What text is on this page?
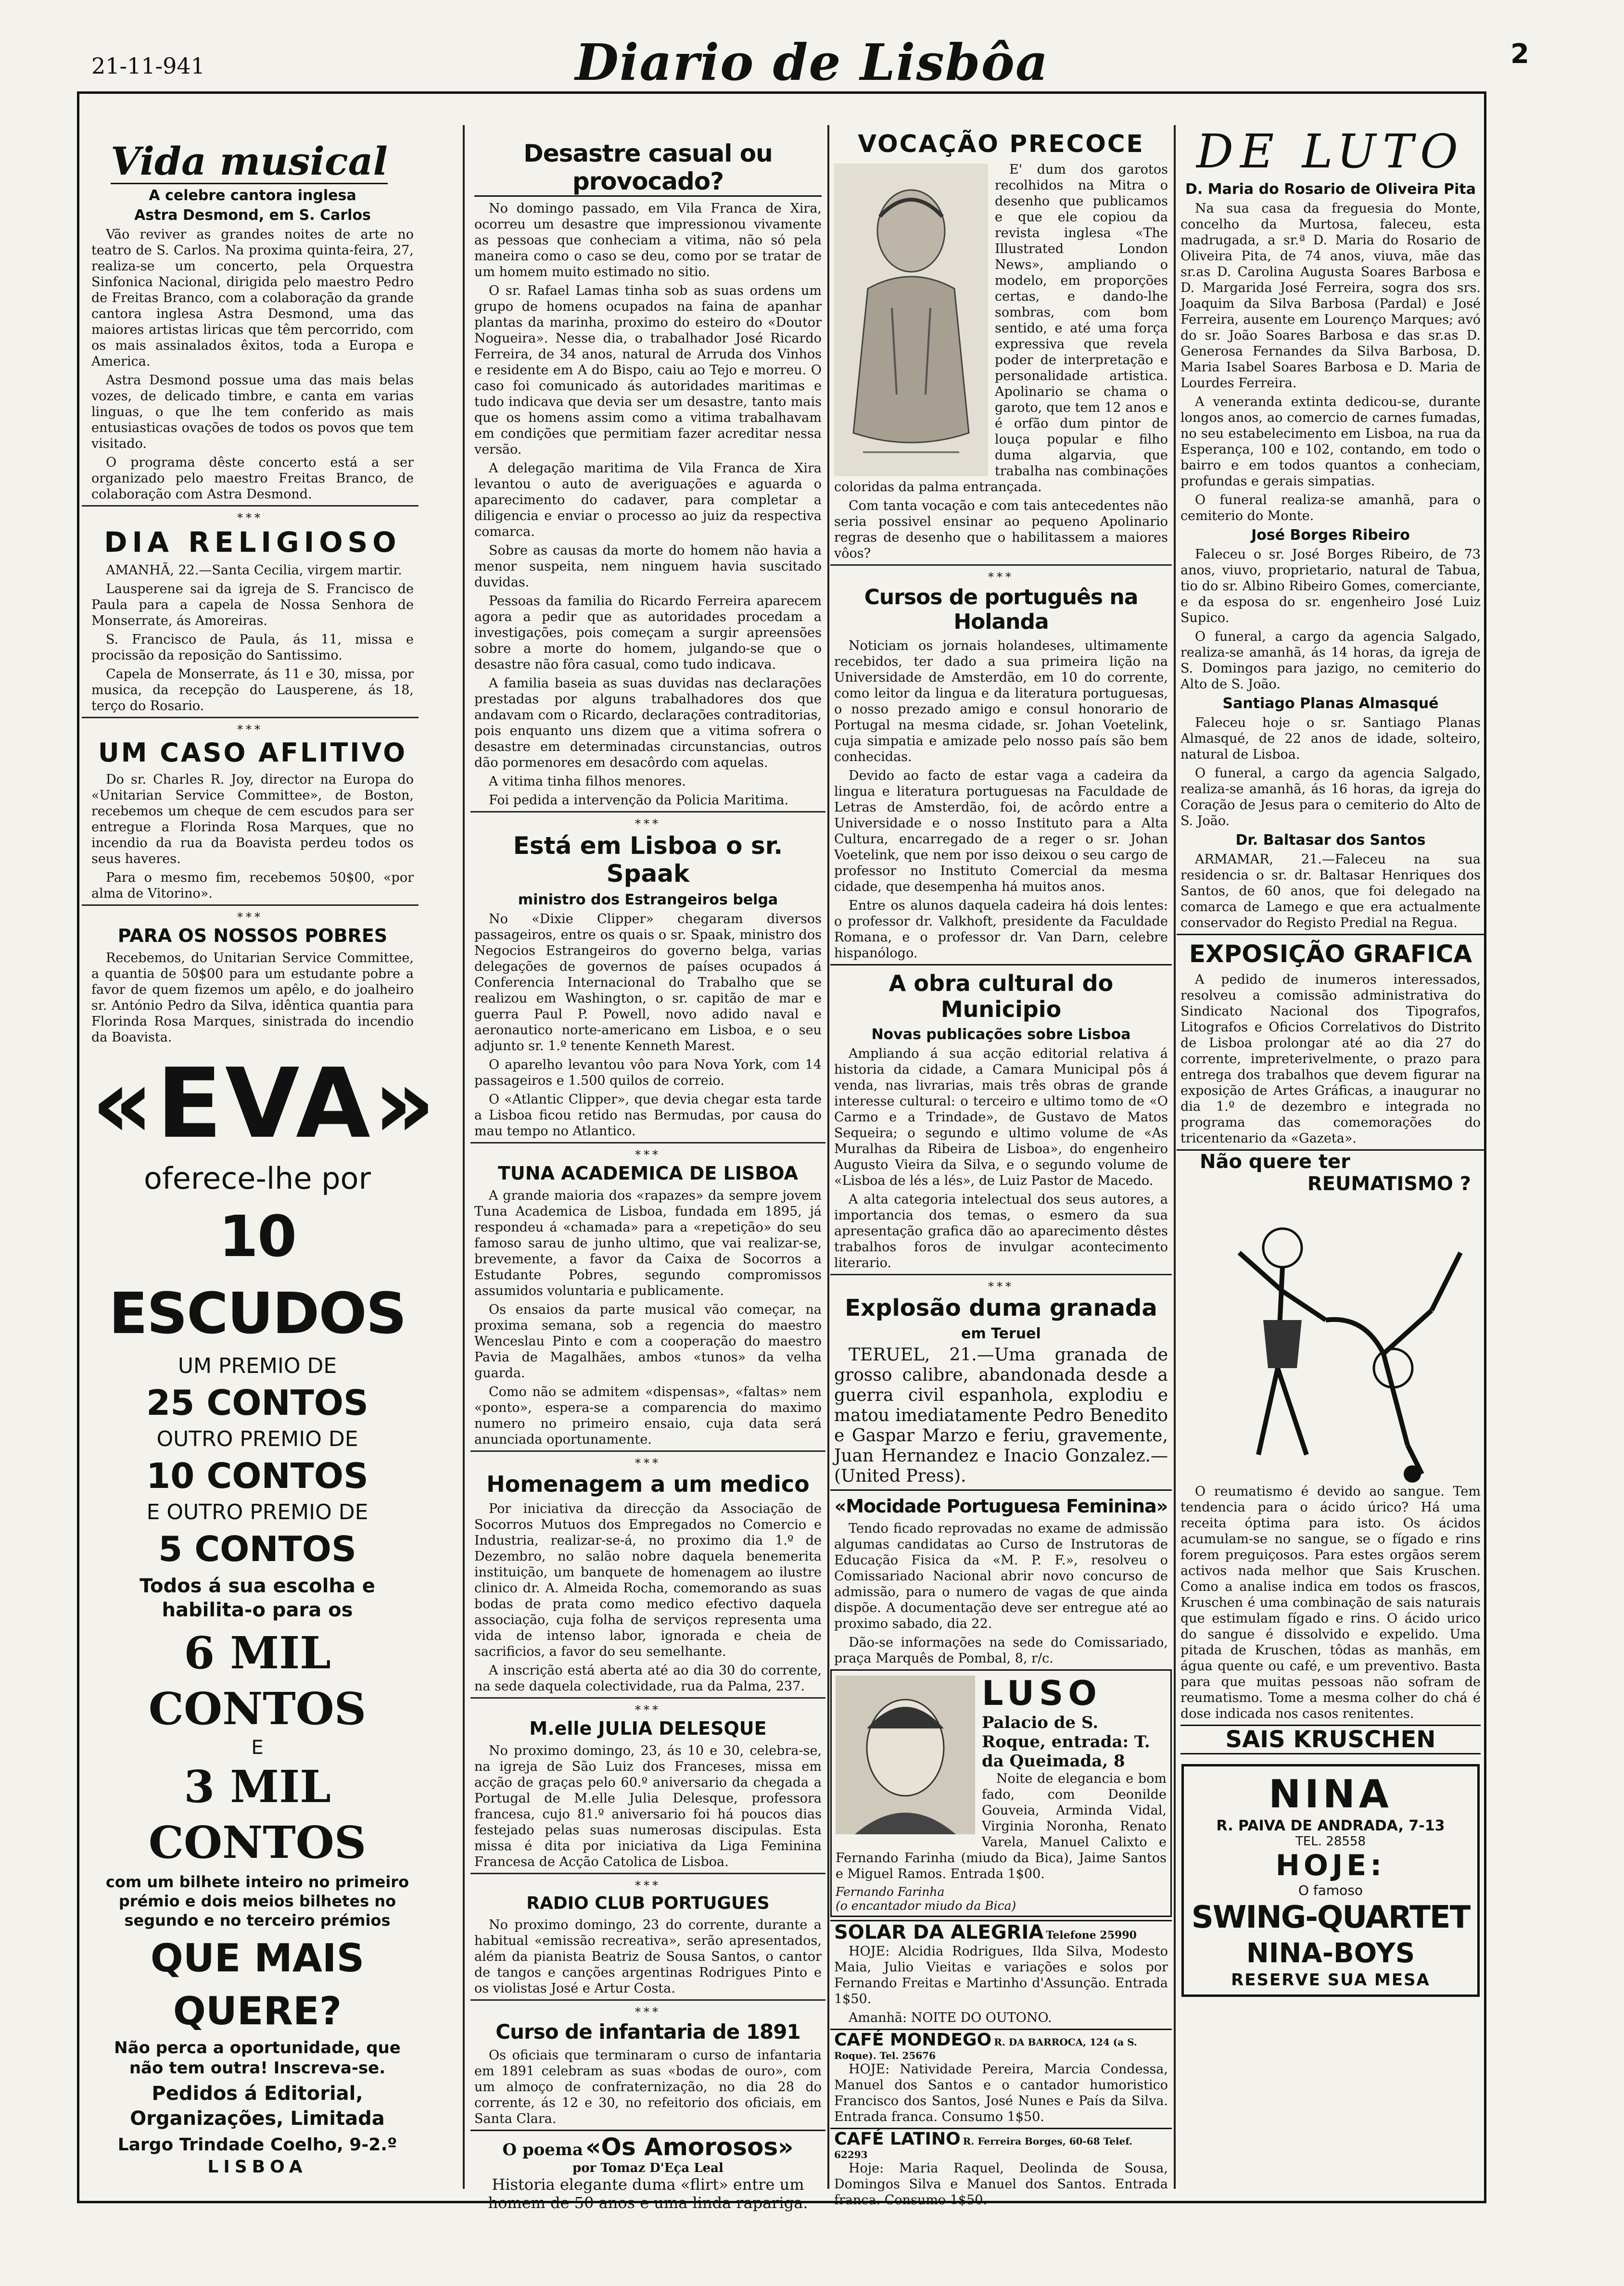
21-11-941	Diario de Lisbôa	2
Vida musical
A celebre cantora inglesa
Astra Desmond, em S. Carlos

Vão reviver as grandes noites de arte no teatro de S. Carlos. Na proxima quinta-feira, 27, realiza-se um concerto, pela Orquestra Sinfonica Nacional, dirigida pelo maestro Pedro de Freitas Branco, com a colaboração da grande cantora inglesa Astra Desmond, uma das maiores artistas liricas que têm percorrido, com os mais assinalados êxitos, toda a Europa e America.

Astra Desmond possue uma das mais belas vozes, de delicado timbre, e canta em varias linguas, o que lhe tem conferido as mais entusiasticas ovações de todos os povos que tem visitado.

O programa dêste concerto está a ser organizado pelo maestro Freitas Branco, de colaboração com Astra Desmond.

⁎⁎⁎
DIA RELIGIOSO

AMANHÃ, 22.—Santa Cecilia, virgem martir.

Lausperene sai da igreja de S. Francisco de Paula para a capela de Nossa Senhora de Monserrate, ás Amoreiras.

S. Francisco de Paula, ás 11, missa e procissão da reposição do Santissimo.

Capela de Monserrate, ás 11 e 30, missa, por musica, da recepção do Lausperene, ás 18, terço do Rosario.

⁎⁎⁎
UM CASO AFLITIVO

Do sr. Charles R. Joy, director na Europa do «Unitarian Service Committee», de Boston, recebemos um cheque de cem escudos para ser entregue a Florinda Rosa Marques, que no incendio da rua da Boavista perdeu todos os seus haveres.

Para o mesmo fim, recebemos 50$00, «por alma de Vitorino».

⁎⁎⁎
PARA OS NOSSOS POBRES

Recebemos, do Unitarian Service Committee, a quantia de 50$00 para um estudante pobre a favor de quem fizemos um apêlo, e do joalheiro sr. António Pedro da Silva, idêntica quantia para Florinda Rosa Marques, sinistrada do incendio da Boavista.

«EVA»
oferece-lhe por
10 ESCUDOS
UM PREMIO DE
25 CONTOS
OUTRO PREMIO DE
10 CONTOS
E OUTRO PREMIO DE
5 CONTOS
Todos á sua escolha e habilita-o para os
6 MIL CONTOS
E
3 MIL CONTOS
com um bilhete inteiro no primeiro prémio e dois meios bilhetes no segundo e no terceiro prémios
QUE MAIS QUERE?
Não perca a oportunidade, que não tem outra! Inscreva-se.
Pedidos á Editorial, Organizações, Limitada
Largo Trindade Coelho, 9-2.º
LISBOA
Desastre casual ou provocado?

No domingo passado, em Vila Franca de Xira, ocorreu um desastre que impressionou vivamente as pessoas que conheciam a vitima, não só pela maneira como o caso se deu, como por se tratar de um homem muito estimado no sitio.

O sr. Rafael Lamas tinha sob as suas ordens um grupo de homens ocupados na faina de apanhar plantas da marinha, proximo do esteiro do «Doutor Nogueira». Nesse dia, o trabalhador José Ricardo Ferreira, de 34 anos, natural de Arruda dos Vinhos e residente em A do Bispo, caiu ao Tejo e morreu. O caso foi comunicado ás autoridades maritimas e tudo indicava que devia ser um desastre, tanto mais que os homens assim como a vitima trabalhavam em condições que permitiam fazer acreditar nessa versão.

A delegação maritima de Vila Franca de Xira levantou o auto de averiguações e aguarda o aparecimento do cadaver, para completar a diligencia e enviar o processo ao juiz da respectiva comarca.

Sobre as causas da morte do homem não havia a menor suspeita, nem ninguem havia suscitado duvidas.

Pessoas da familia do Ricardo Ferreira aparecem agora a pedir que as autoridades procedam a investigações, pois começam a surgir apreensões sobre a morte do homem, julgando-se que o desastre não fôra casual, como tudo indicava.

A familia baseia as suas duvidas nas declarações prestadas por alguns trabalhadores dos que andavam com o Ricardo, declarações contraditorias, pois enquanto uns dizem que a vitima sofrera o desastre em determinadas circunstancias, outros dão pormenores em desacôrdo com aquelas.

A vitima tinha filhos menores.

Foi pedida a intervenção da Policia Maritima.

⁎⁎⁎
Está em Lisboa o sr. Spaak
ministro dos Estrangeiros belga

No «Dixie Clipper» chegaram diversos passageiros, entre os quais o sr. Spaak, ministro dos Negocios Estrangeiros do governo belga, varias delegações de governos de países ocupados á Conferencia Internacional do Trabalho que se realizou em Washington, o sr. capitão de mar e guerra Paul P. Powell, novo adido naval e aeronautico norte-americano em Lisboa, e o seu adjunto sr. 1.º tenente Kenneth Marest.

O aparelho levantou vôo para Nova York, com 14 passageiros e 1.500 quilos de correio.

O «Atlantic Clipper», que devia chegar esta tarde a Lisboa ficou retido nas Bermudas, por causa do mau tempo no Atlantico.

⁎⁎⁎
TUNA ACADEMICA DE LISBOA

A grande maioria dos «rapazes» da sempre jovem Tuna Academica de Lisboa, fundada em 1895, já respondeu á «chamada» para a «repetição» do seu famoso sarau de junho ultimo, que vai realizar-se, brevemente, a favor da Caixa de Socorros a Estudante Pobres, segundo compromissos assumidos voluntaria e publicamente.

Os ensaios da parte musical vão começar, na proxima semana, sob a regencia do maestro Wenceslau Pinto e com a cooperação do maestro Pavia de Magalhães, ambos «tunos» da velha guarda.

Como não se admitem «dispensas», «faltas» nem «ponto», espera-se a comparencia do maximo numero no primeiro ensaio, cuja data será anunciada oportunamente.

⁎⁎⁎
Homenagem a um medico

Por iniciativa da direcção da Associação de Socorros Mutuos dos Empregados no Comercio e Industria, realizar-se-á, no proximo dia 1.º de Dezembro, no salão nobre daquela benemerita instituição, um banquete de homenagem ao ilustre clinico dr. A. Almeida Rocha, comemorando as suas bodas de prata como medico efectivo daquela associação, cuja folha de serviços representa uma vida de intenso labor, ignorada e cheia de sacrificios, a favor do seu semelhante.

A inscrição está aberta até ao dia 30 do corrente, na sede daquela colectividade, rua da Palma, 237.

⁎⁎⁎
M.elle JULIA DELESQUE

No proximo domingo, 23, ás 10 e 30, celebra-se, na igreja de São Luiz dos Franceses, missa em acção de graças pelo 60.º aniversario da chegada a Portugal de M.elle Julia Delesque, professora francesa, cujo 81.º aniversario foi há poucos dias festejado pelas suas numerosas discipulas. Esta missa é dita por iniciativa da Liga Feminina Francesa de Acção Catolica de Lisboa.

⁎⁎⁎
RADIO CLUB PORTUGUES

No proximo domingo, 23 do corrente, durante a habitual «emissão recreativa», serão apresentados, além da pianista Beatriz de Sousa Santos, o cantor de tangos e canções argentinas Rodrigues Pinto e os violistas José e Artur Costa.

⁎⁎⁎
Curso de infantaria de 1891

Os oficiais que terminaram o curso de infantaria em 1891 celebram as suas «bodas de ouro», com um almoço de confraternização, no dia 28 do corrente, ás 12 e 30, no refeitorio dos oficiais, em Santa Clara.

O poema «Os Amorosos»
por Tomaz D'Eça Leal
Historia elegante duma «flirt» entre um homem de 50 anos e uma linda rapariga.
VOCAÇÃO PRECOCE

E' dum dos garotos recolhidos na Mitra o desenho que publicamos e que ele copiou da revista inglesa «The Illustrated London News», ampliando o modelo, em proporções certas, e dando-lhe sombras, com bom sentido, e até uma força expressiva que revela poder de interpretação e personalidade artistica. Apolinario se chama o garoto, que tem 12 anos e é orfão dum pintor de louça popular e filho duma algarvia, que trabalha nas combinações coloridas da palma entrançada.

Com tanta vocação e com tais antecedentes não seria possivel ensinar ao pequeno Apolinario regras de desenho que o habilitassem a maiores vôos?

⁎⁎⁎
Cursos de português na Holanda

Noticiam os jornais holandeses, ultimamente recebidos, ter dado a sua primeira lição na Universidade de Amsterdão, em 10 do corrente, como leitor da lingua e da literatura portuguesas, o nosso prezado amigo e consul honorario de Portugal na mesma cidade, sr. Johan Voetelink, cuja simpatia e amizade pelo nosso país são bem conhecidas.

Devido ao facto de estar vaga a cadeira da lingua e literatura portuguesas na Faculdade de Letras de Amsterdão, foi, de acôrdo entre a Universidade e o nosso Instituto para a Alta Cultura, encarregado de a reger o sr. Johan Voetelink, que nem por isso deixou o seu cargo de professor no Instituto Comercial da mesma cidade, que desempenha há muitos anos.

Entre os alunos daquela cadeira há dois lentes: o professor dr. Valkhoft, presidente da Faculdade Romana, e o professor dr. Van Darn, celebre hispanólogo.

A obra cultural do Municipio
Novas publicações sobre Lisboa

Ampliando á sua acção editorial relativa á historia da cidade, a Camara Municipal pôs á venda, nas livrarias, mais três obras de grande interesse cultural: o terceiro e ultimo tomo de «O Carmo e a Trindade», de Gustavo de Matos Sequeira; o segundo e ultimo volume de «As Muralhas da Ribeira de Lisboa», do engenheiro Augusto Vieira da Silva, e o segundo volume de «Lisboa de lés a lés», de Luiz Pastor de Macedo.

A alta categoria intelectual dos seus autores, a importancia dos temas, o esmero da sua apresentação grafica dão ao aparecimento dêstes trabalhos foros de invulgar acontecimento literario.

⁎⁎⁎
Explosão duma granada
em Teruel

TERUEL, 21.—Uma granada de grosso calibre, abandonada desde a guerra civil espanhola, explodiu e matou imediatamente Pedro Benedito e Gaspar Marzo e feriu, gravemente, Juan Hernandez e Inacio Gonzalez.—(United Press).

«Mocidade Portuguesa Feminina»

Tendo ficado reprovadas no exame de admissão algumas candidatas ao Curso de Instrutoras de Educação Fisica da «M. P. F.», resolveu o Comissariado Nacional abrir novo concurso de admissão, para o numero de vagas de que ainda dispõe. A documentação deve ser entregue até ao proximo sabado, dia 22.

Dão-se informações na sede do Comissariado, praça Marquês de Pombal, 8, r/c.

LUSO
Palacio de S. Roque, entrada: T. da Queimada, 8

Noite de elegancia e bom fado, com Deonilde Gouveia, Arminda Vidal, Virginia Noronha, Renato Varela, Manuel Calixto e Fernando Farinha (miudo da Bica), Jaime Santos e Miguel Ramos. Entrada 1$00.

Fernando Farinha
(o encantador miudo da Bica)
SOLAR DA ALEGRIA Telefone 25990

HOJE: Alcidia Rodrigues, Ilda Silva, Modesto Maia, Julio Vieitas e variações e solos por Fernando Freitas e Martinho d'Assunção. Entrada 1$50.

Amanhã: NOITE DO OUTONO.

CAFÉ MONDEGO R. DA BARROCA, 124 (a S. Roque). Tel. 25676

HOJE: Natividade Pereira, Marcia Condessa, Manuel dos Santos e o cantador humoristico Francisco dos Santos, José Nunes e País da Silva. Entrada franca. Consumo 1$50.

CAFÉ LATINO R. Ferreira Borges, 60-68 Telef. 62293

Hoje: Maria Raquel, Deolinda de Sousa, Domingos Silva e Manuel dos Santos. Entrada franca. Consumo 1$50.

DE LUTO
D. Maria do Rosario de Oliveira Pita

Na sua casa da freguesia do Monte, concelho da Murtosa, faleceu, esta madrugada, a sr.ª D. Maria do Rosario de Oliveira Pita, de 74 anos, viuva, mãe das sr.as D. Carolina Augusta Soares Barbosa e D. Margarida José Ferreira, sogra dos srs. Joaquim da Silva Barbosa (Pardal) e José Ferreira, ausente em Lourenço Marques; avó do sr. João Soares Barbosa e das sr.as D. Generosa Fernandes da Silva Barbosa, D. Maria Isabel Soares Barbosa e D. Maria de Lourdes Ferreira.

A veneranda extinta dedicou-se, durante longos anos, ao comercio de carnes fumadas, no seu estabelecimento em Lisboa, na rua da Esperança, 100 e 102, contando, em todo o bairro e em todos quantos a conheciam, profundas e gerais simpatias.

O funeral realiza-se amanhã, para o cemiterio do Monte.

José Borges Ribeiro

Faleceu o sr. José Borges Ribeiro, de 73 anos, viuvo, proprietario, natural de Tabua, tio do sr. Albino Ribeiro Gomes, comerciante, e da esposa do sr. engenheiro José Luiz Supico.

O funeral, a cargo da agencia Salgado, realiza-se amanhã, ás 14 horas, da igreja de S. Domingos para jazigo, no cemiterio do Alto de S. João.

Santiago Planas Almasqué

Faleceu hoje o sr. Santiago Planas Almasqué, de 22 anos de idade, solteiro, natural de Lisboa.

O funeral, a cargo da agencia Salgado, realiza-se amanhã, ás 16 horas, da igreja do Coração de Jesus para o cemiterio do Alto de S. João.

Dr. Baltasar dos Santos

ARMAMAR, 21.—Faleceu na sua residencia o sr. dr. Baltasar Henriques dos Santos, de 60 anos, que foi delegado na comarca de Lamego e que era actualmente conservador do Registo Predial na Regua.

EXPOSIÇÃO GRAFICA

A pedido de inumeros interessados, resolveu a comissão administrativa do Sindicato Nacional dos Tipografos, Litografos e Oficios Correlativos do Distrito de Lisboa prolongar até ao dia 27 do corrente, impreterivelmente, o prazo para entrega dos trabalhos que devem figurar na exposição de Artes Gráficas, a inaugurar no dia 1.º de dezembro e integrada no programa das comemorações do tricentenario da «Gazeta».

Não quere ter
REUMATISMO ?

O reumatismo é devido ao sangue. Tem tendencia para o ácido úrico? Há uma receita óptima para isto. Os ácidos acumulam-se no sangue, se o fígado e rins forem preguiçosos. Para estes orgãos serem activos nada melhor que Sais Kruschen. Como a analise indica em todos os frascos, Kruschen é uma combinação de sais naturais que estimulam fígado e rins. O ácido urico do sangue é dissolvido e expelido. Uma pitada de Kruschen, tôdas as manhãs, em água quente ou café, e um preventivo. Basta para que muitas pessoas não sofram de reumatismo. Tome a mesma colher do chá é dose indicada nos casos renitentes.

SAIS KRUSCHEN
NINA
R. PAIVA DE ANDRADA, 7-13
TEL. 28558
HOJE:
O famoso
SWING-QUARTET
NINA-BOYS
RESERVE SUA MESA
